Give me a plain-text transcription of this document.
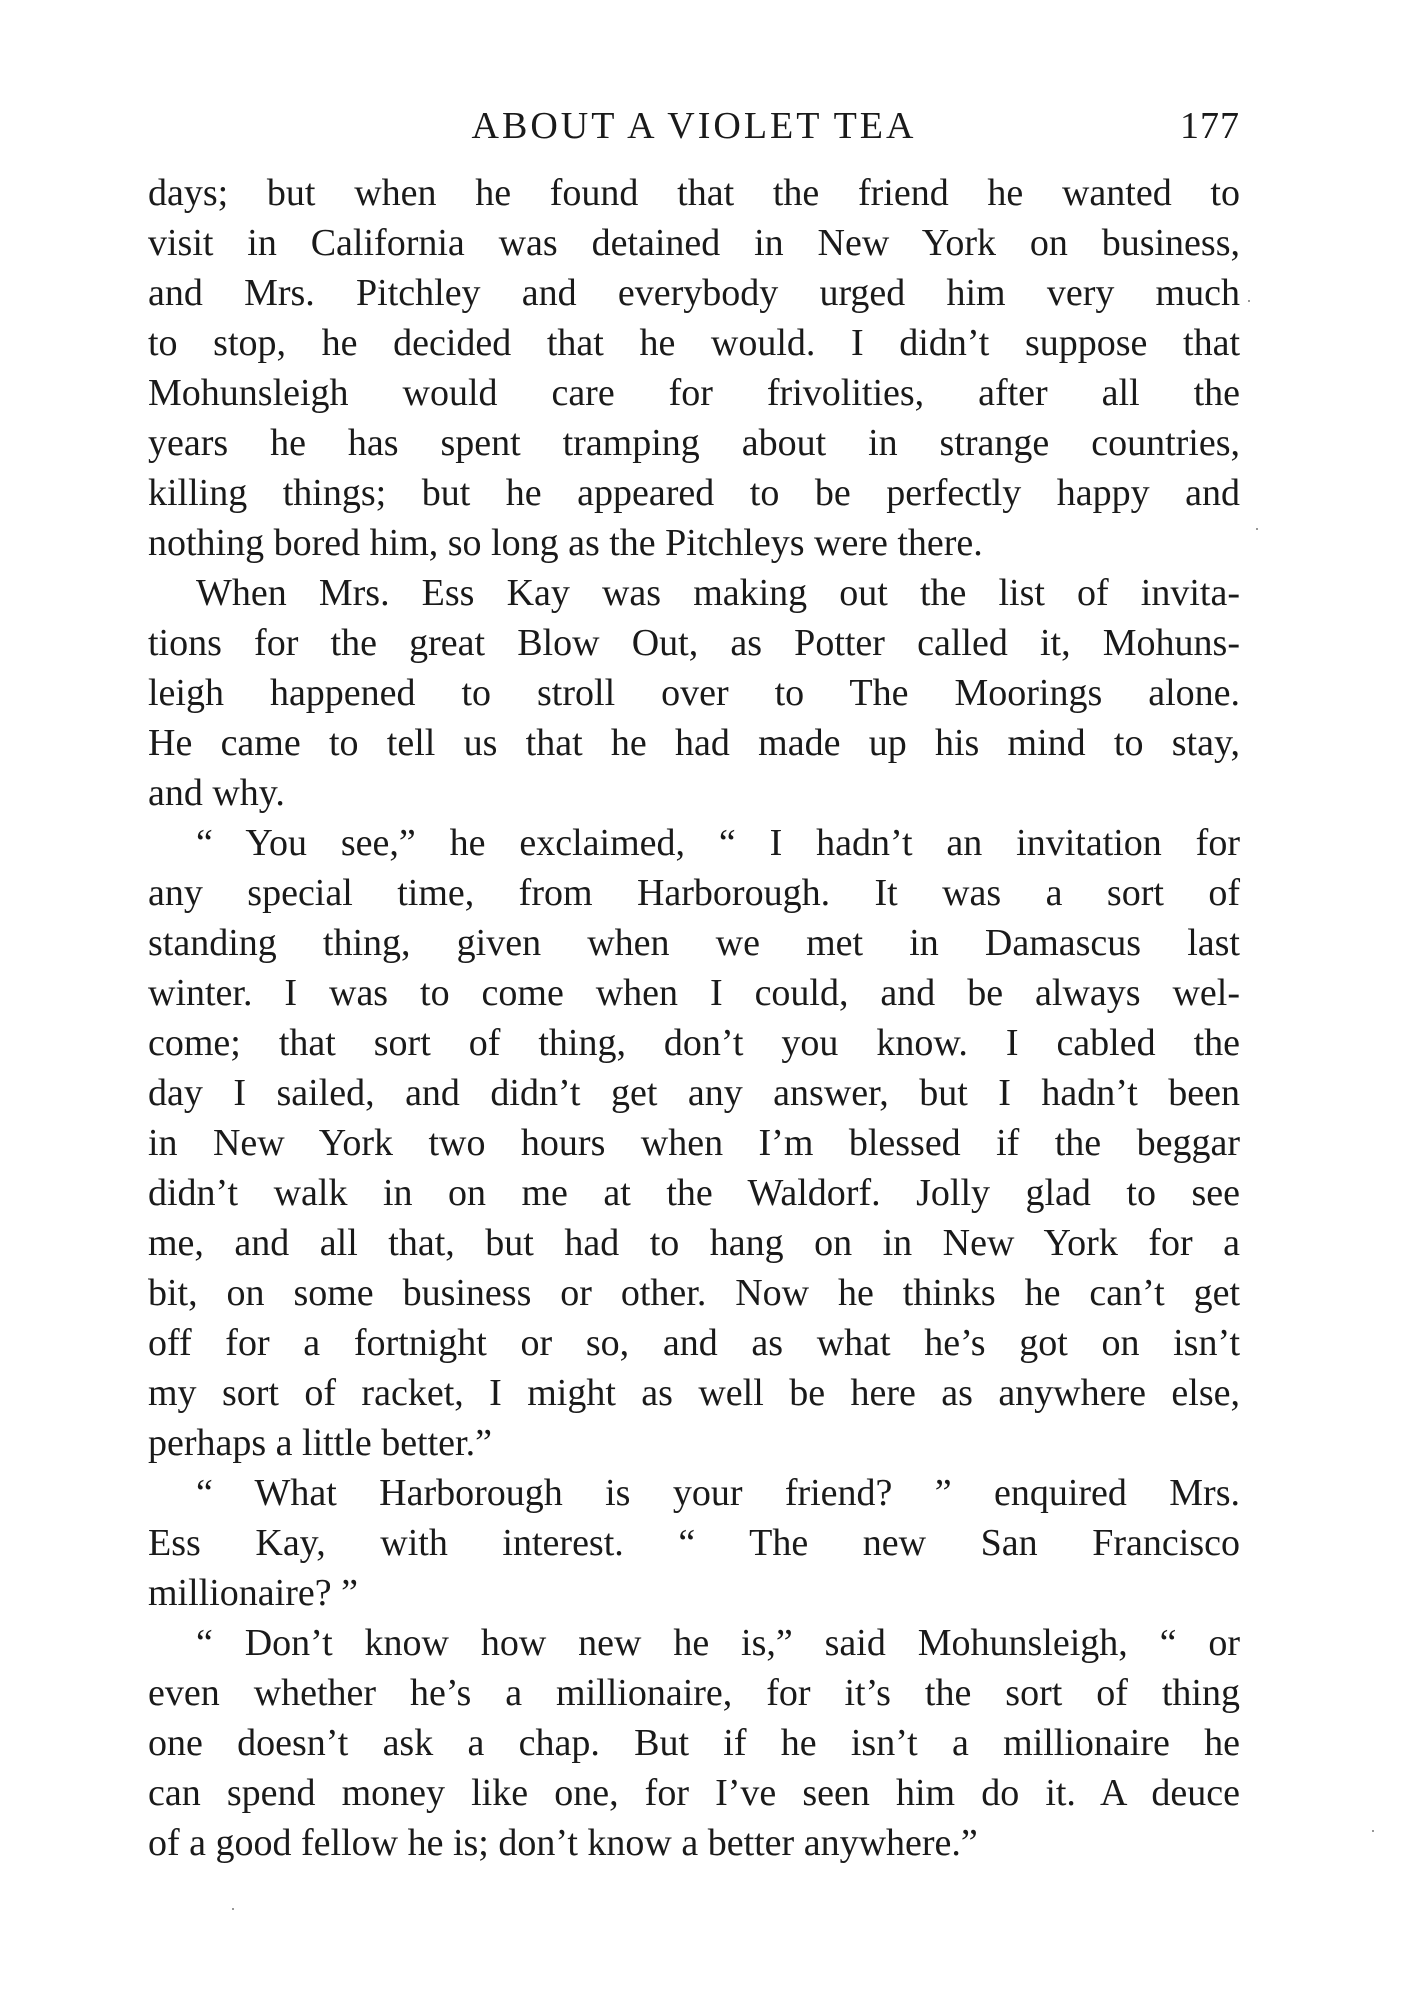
ABOUT A VIOLET TEA	177
days; but when he found that the friend he wanted to
visit in California was detained in New York on business,
and Mrs. Pitchley and everybody urged him very much
to stop, he decided that he would. I didn’t suppose that
Mohunsleigh would care for frivolities, after all the
years he has spent tramping about in strange countries,
killing things; but he appeared to be perfectly happy and
nothing bored him, so long as the Pitchleys were there.
When Mrs. Ess Kay was making out the list of invita-
tions for the great Blow Out, as Potter called it, Mohuns-
leigh happened to stroll over to The Moorings alone.
He came to tell us that he had made up his mind to stay,
and why.
“ You see,” he exclaimed, “ I hadn’t an invitation for
any special time, from Harborough. It was a sort of
standing thing, given when we met in Damascus last
winter. I was to come when I could, and be always wel-
come; that sort of thing, don’t you know. I cabled the
day I sailed, and didn’t get any answer, but I hadn’t been
in New York two hours when I’m blessed if the beggar
didn’t walk in on me at the Waldorf. Jolly glad to see
me, and all that, but had to hang on in New York for a
bit, on some business or other. Now he thinks he can’t get
off for a fortnight or so, and as what he’s got on isn’t
my sort of racket, I might as well be here as anywhere else,
perhaps a little better.”
“ What Harborough is your friend? ” enquired Mrs.
Ess Kay, with interest. “ The new San Francisco
millionaire? ”
“ Don’t know how new he is,” said Mohunsleigh, “ or
even whether he’s a millionaire, for it’s the sort of thing
one doesn’t ask a chap. But if he isn’t a millionaire he
can spend money like one, for I’ve seen him do it. A deuce
of a good fellow he is; don’t know a better anywhere.”
